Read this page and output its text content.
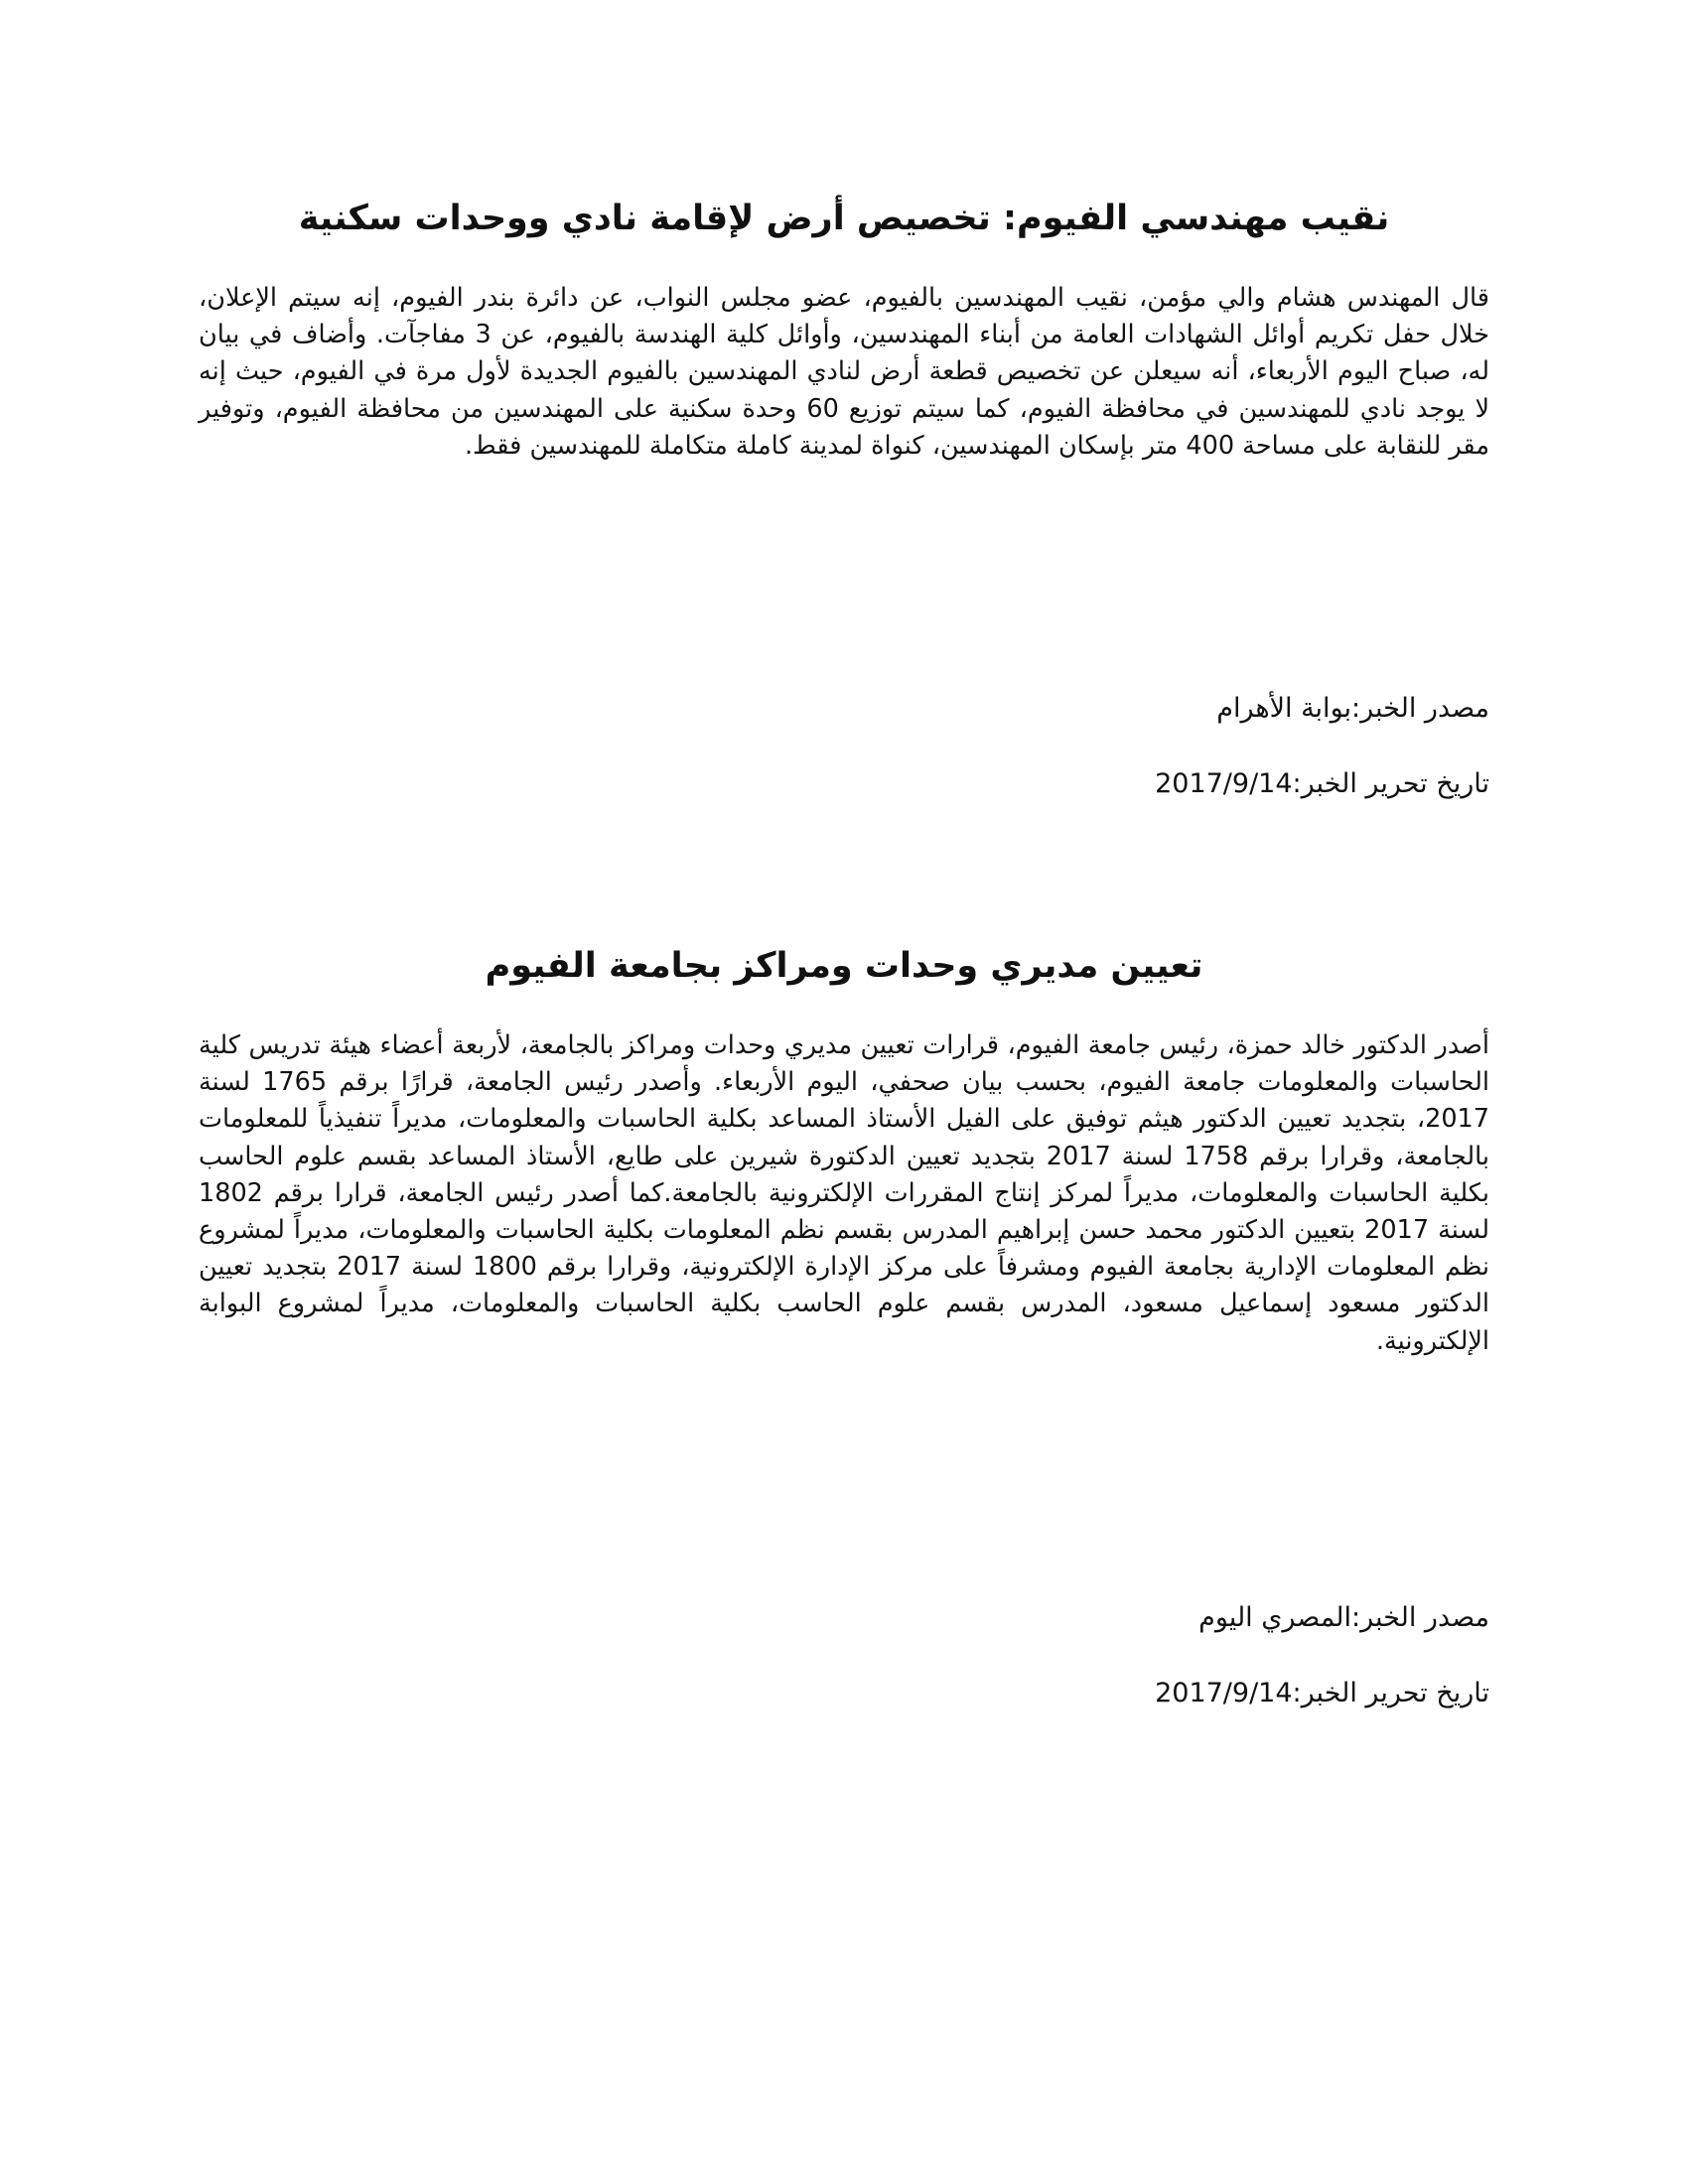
نقيب مهندسي الفيوم: تخصيص أرض لإقامة نادي ووحدات سكنية

قال المهندس هشام والي مؤمن، نقيب المهندسين بالفيوم، عضو مجلس النواب، عن دائرة بندر الفيوم، إنه سيتم الإعلان، خلال حفل تكريم أوائل الشهادات العامة من أبناء المهندسين، وأوائل كلية الهندسة بالفيوم، عن 3 مفاجآت. وأضاف في بيان له، صباح اليوم الأربعاء، أنه سيعلن عن تخصيص قطعة أرض لنادي المهندسين بالفيوم الجديدة لأول مرة في الفيوم، حيث إنه لا يوجد نادي للمهندسين في محافظة الفيوم، كما سيتم توزيع 60 وحدة سكنية على المهندسين من محافظة الفيوم، وتوفير مقر للنقابة على مساحة 400 متر بإسكان المهندسين، كنواة لمدينة كاملة متكاملة للمهندسين فقط.

مصدر الخبر:بوابة الأهرام

تاريخ تحرير الخبر:2017/9/14

تعيين مديري وحدات ومراكز بجامعة الفيوم

أصدر الدكتور خالد حمزة، رئيس جامعة الفيوم، قرارات تعيين مديري وحدات ومراكز بالجامعة، لأربعة أعضاء هيئة تدريس كلية الحاسبات والمعلومات جامعة الفيوم، بحسب بيان صحفي، اليوم الأربعاء. وأصدر رئيس الجامعة، قرارًا برقم 1765 لسنة 2017، بتجديد تعيين الدكتور هيثم توفيق على الفيل الأستاذ المساعد بكلية الحاسبات والمعلومات، مديراً تنفيذياً للمعلومات بالجامعة، وقرارا برقم 1758 لسنة 2017 بتجديد تعيين الدكتورة شيرين على طايع، الأستاذ المساعد بقسم علوم الحاسب بكلية الحاسبات والمعلومات، مديراً لمركز إنتاج المقررات الإلكترونية بالجامعة.كما أصدر رئيس الجامعة، قرارا برقم 1802 لسنة 2017 بتعيين الدكتور محمد حسن إبراهيم المدرس بقسم نظم المعلومات بكلية الحاسبات والمعلومات، مديراً لمشروع نظم المعلومات الإدارية بجامعة الفيوم ومشرفاً على مركز الإدارة الإلكترونية، وقرارا برقم 1800 لسنة 2017 بتجديد تعيين الدكتور مسعود إسماعيل مسعود، المدرس بقسم علوم الحاسب بكلية الحاسبات والمعلومات، مديراً لمشروع البوابة الإلكترونية.

مصدر الخبر:المصري اليوم

تاريخ تحرير الخبر:2017/9/14
